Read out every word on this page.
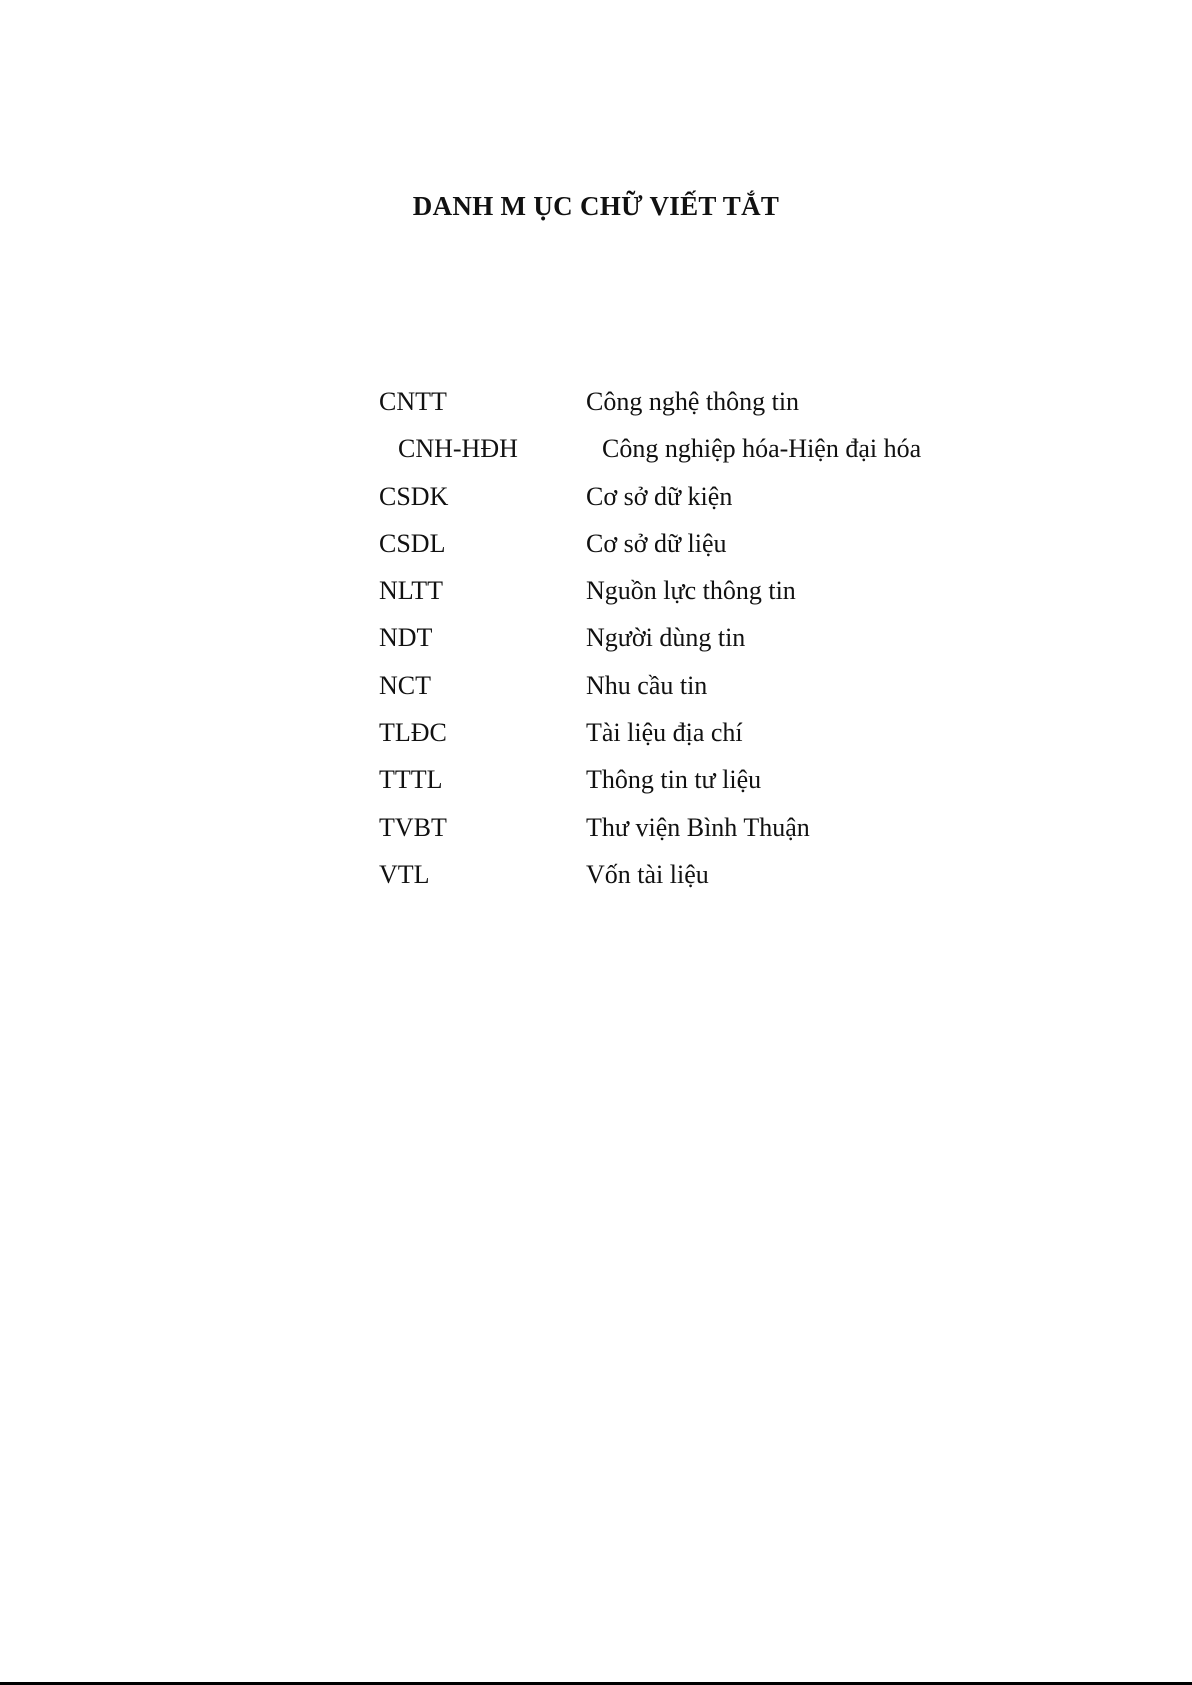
DANH M ỤC CHỮ VIẾT TẮT
CNTT	Công nghệ thông tin
CNH-HĐH	Công nghiệp hóa-Hiện đại hóa
CSDK	Cơ sở dữ kiện
CSDL	Cơ sở dữ liệu
NLTT	Nguồn lực thông tin
NDT	Người dùng tin
NCT	Nhu cầu tin
TLĐC	Tài liệu địa chí
TTTL	Thông tin tư liệu
TVBT	Thư viện Bình Thuận
VTL	Vốn tài liệu
